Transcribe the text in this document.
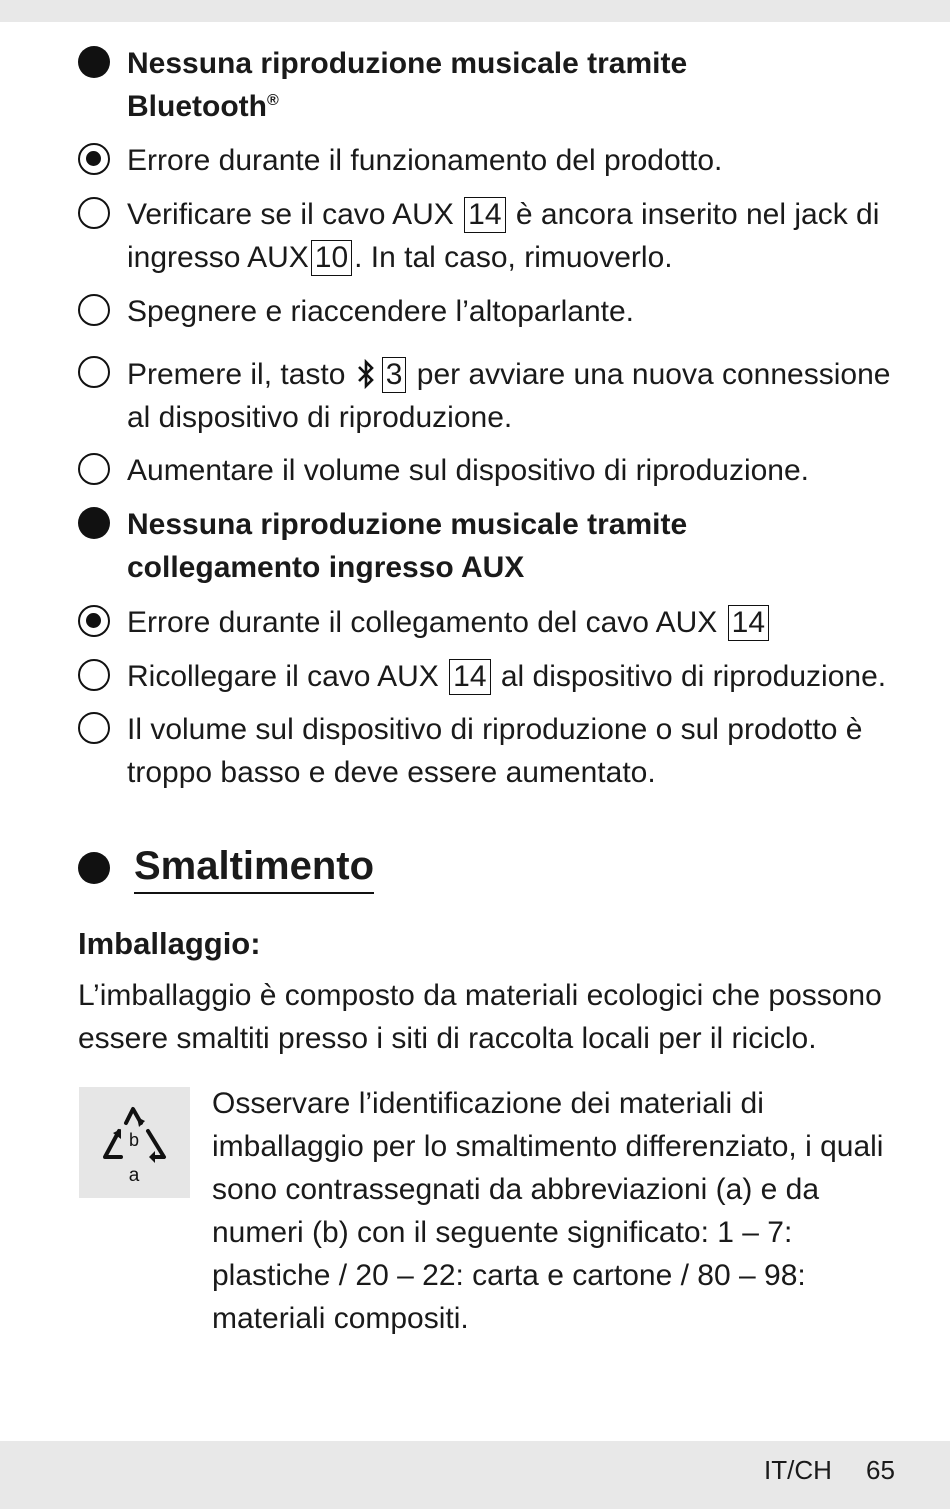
Nessuna riproduzione musicale tramite
Bluetooth®
Errore durante il funzionamento del prodotto.
Verificare se il cavo AUX 14 è ancora inserito nel jack di
ingresso AUX 10 . In tal caso, rimuoverlo.
Spegnere e riaccendere l’altoparlante.
Premere il, tasto 3 per avviare una nuova connessione
al dispositivo di riproduzione.
Aumentare il volume sul dispositivo di riproduzione.
Nessuna riproduzione musicale tramite
collegamento ingresso AUX
Errore durante il collegamento del cavo AUX 14
Ricollegare il cavo AUX 14 al dispositivo di riproduzione.
Il volume sul dispositivo di riproduzione o sul prodotto è
troppo basso e deve essere aumentato.
Smaltimento
Imballaggio:
L’imballaggio è composto da materiali ecologici che possono
essere smaltiti presso i siti di raccolta locali per il riciclo.
b
a
Osservare l’identificazione dei materiali di
imballaggio per lo smaltimento differenziato, i quali
sono contrassegnati da abbreviazioni (a) e da
numeri (b) con il seguente significato: 1 – 7:
plastiche / 20 – 22: carta e cartone / 80 – 98:
materiali compositi.
IT/CH 65
